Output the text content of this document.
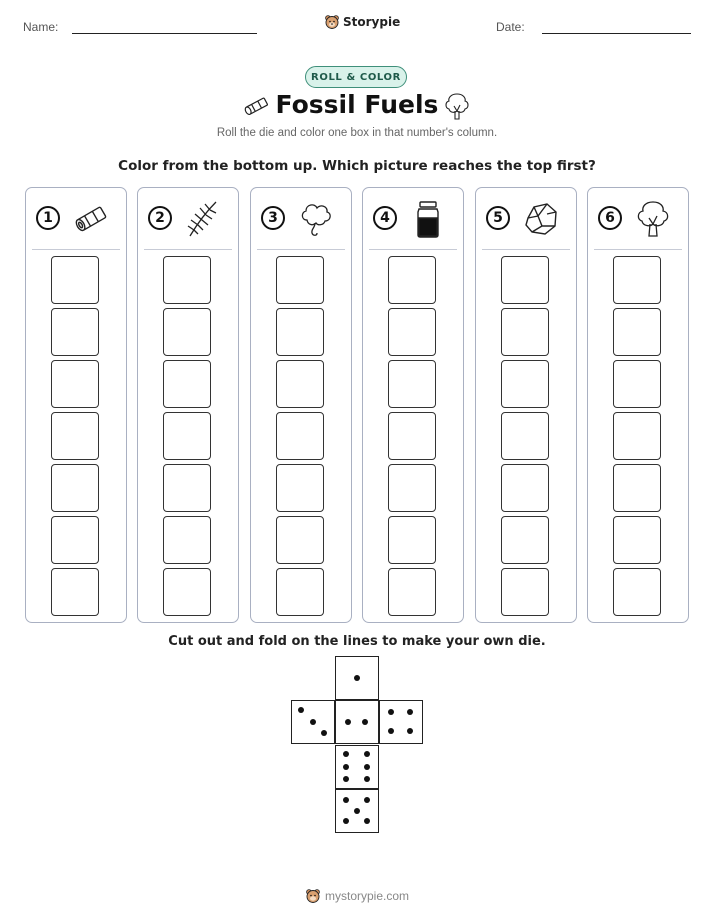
Name:	Storypie	Date:
ROLL & COLOR
Fossil Fuels
Roll the die and color one box in that number's column.
Color from the bottom up. Which picture reaches the top first?
1	2	3	4	5	6
Cut out and fold on the lines to make your own die.
mystorypie.com
